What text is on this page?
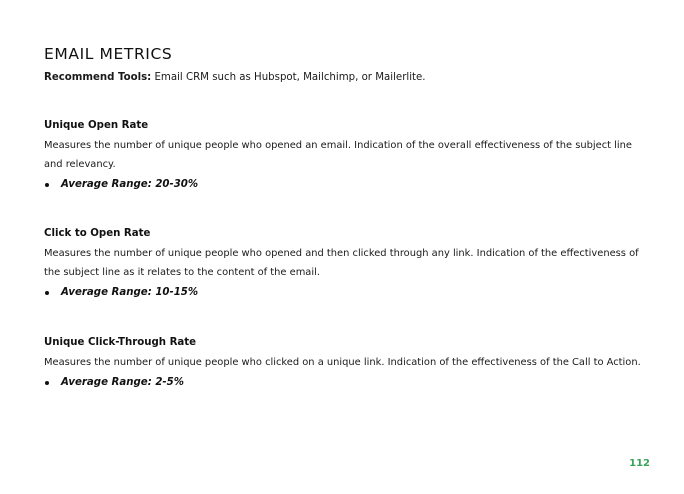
EMAIL METRICS
Recommend Tools: Email CRM such as Hubspot, Mailchimp, or Mailerlite.
Unique Open Rate
Measures the number of unique people who opened an email. Indication of the overall effectiveness of the subject line and relevancy.
Average Range: 20-30%
Click to Open Rate
Measures the number of unique people who opened and then clicked through any link. Indication of the effectiveness of the subject line as it relates to the content of the email.
Average Range: 10-15%
Unique Click-Through Rate
Measures the number of unique people who clicked on a unique link. Indication of the effectiveness of the Call to Action.
Average Range: 2-5%
112
